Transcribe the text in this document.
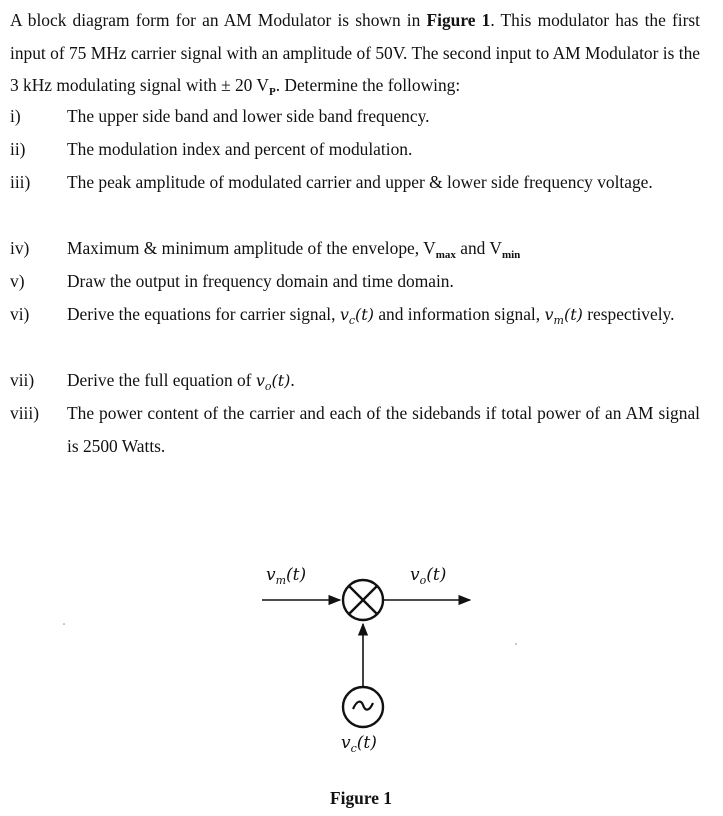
A block diagram form for an AM Modulator is shown in Figure 1. This modulator has the first input of 75 MHz carrier signal with an amplitude of 50V. The second input to AM Modulator is the 3 kHz modulating signal with ± 20 $V_P$. Determine the following:

i)	The upper side band and lower side band frequency.
ii) The modulation index and percent of modulation.
iii) The peak amplitude of modulated carrier and upper & lower side frequency voltage.
iv) Maximum & minimum amplitude of the envelope, $V_{max}$ and $V_{min}$
v) Draw the output in frequency domain and time domain.
vi) Derive the equations for carrier signal, $v_c(t)$ and information signal, $v_m(t)$ respectively.
vii) Derive the full equation of $v_o(t)$.
viii) The power content of the carrier and each of the sidebands if total power of an AM signal is 2500 Watts.
$v_m(t)$	$v_o(t)$
$v_c(t)$
Figure 1
